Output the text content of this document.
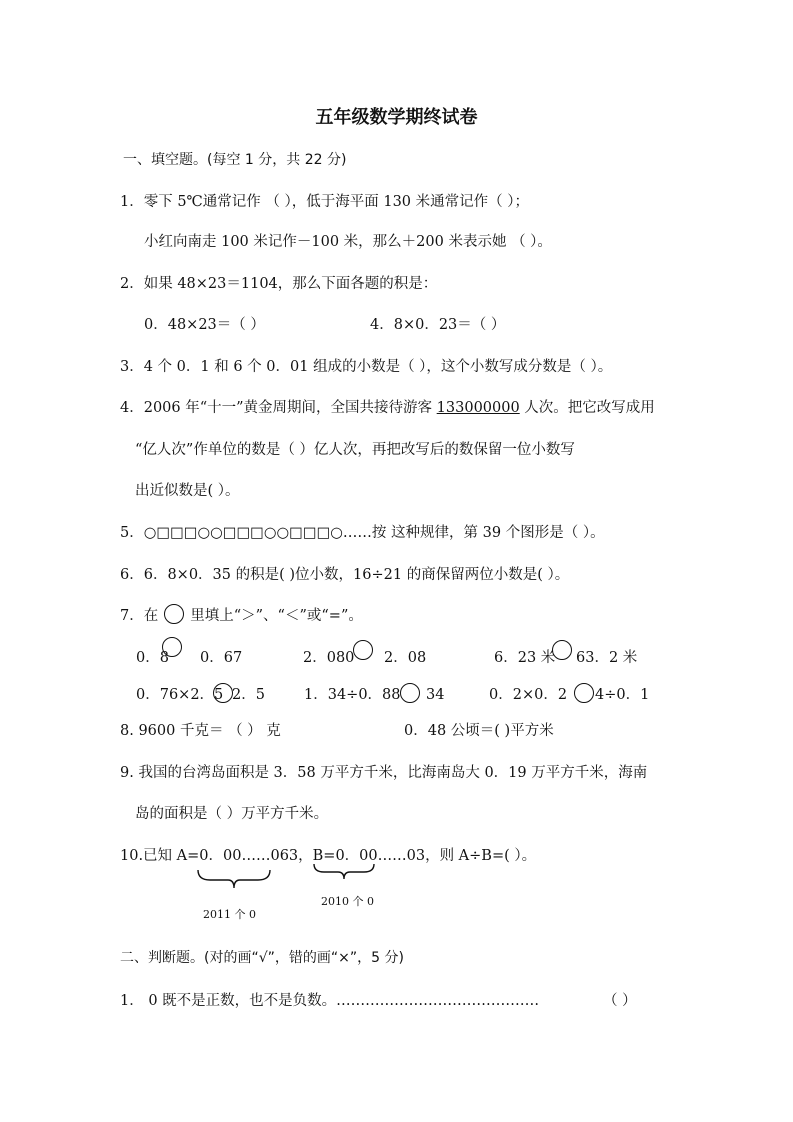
五年级数学期终试卷
一、填空题。(每空 1 分，共 22 分)
1．零下 5℃通常记作 （ ），低于海平面 130 米通常记作（ ）；
小红向南走 100 米记作－100 米，那么＋200 米表示她 （ ）。
2．如果 48×23＝1104，那么下面各题的积是：
0．48×23＝（ ）	4．8×0．23＝（ ）
3．4 个 0．1 和 6 个 0．01 组成的小数是（ ），这个小数写成分数是（ ）。
4．2006 年“十一”黄金周期间，全国共接待游客 133000000 人次。把它改写成用
“亿人次”作单位的数是（ ）亿人次，再把改写后的数保留一位小数写
出近似数是( ）。
5．○□□□○○□□□○○□□□○……按 这种规律，第 39 个图形是（ ）。
6．6．8×0．35 的积是( )位小数，16÷21 的商保留两位小数是( ）。
7．在 里填上“＞”、“＜”或“=”。
0．8 0．67	2．080 2．08	6．23 米 63．2 米
0．76×2．5 2．5	1．34÷0．88 34	0．2×0．2 4÷0．1
8. 9600 千克＝ （ ） 克	0．48 公顷＝( )平方米
9. 我国的台湾岛面积是 3．58 万平方千米，比海南岛大 0．19 万平方千米，海南
岛的面积是（ ）万平方千米。
10.已知 A=0．00……063，B=0．00……03，则 A÷B=( ）。
2011 个 0
2010 个 0
二、判断题。(对的画“√”，错的画“×”，5 分)
1． 0 既不是正数，也不是负数。……………………………………	（ ）
